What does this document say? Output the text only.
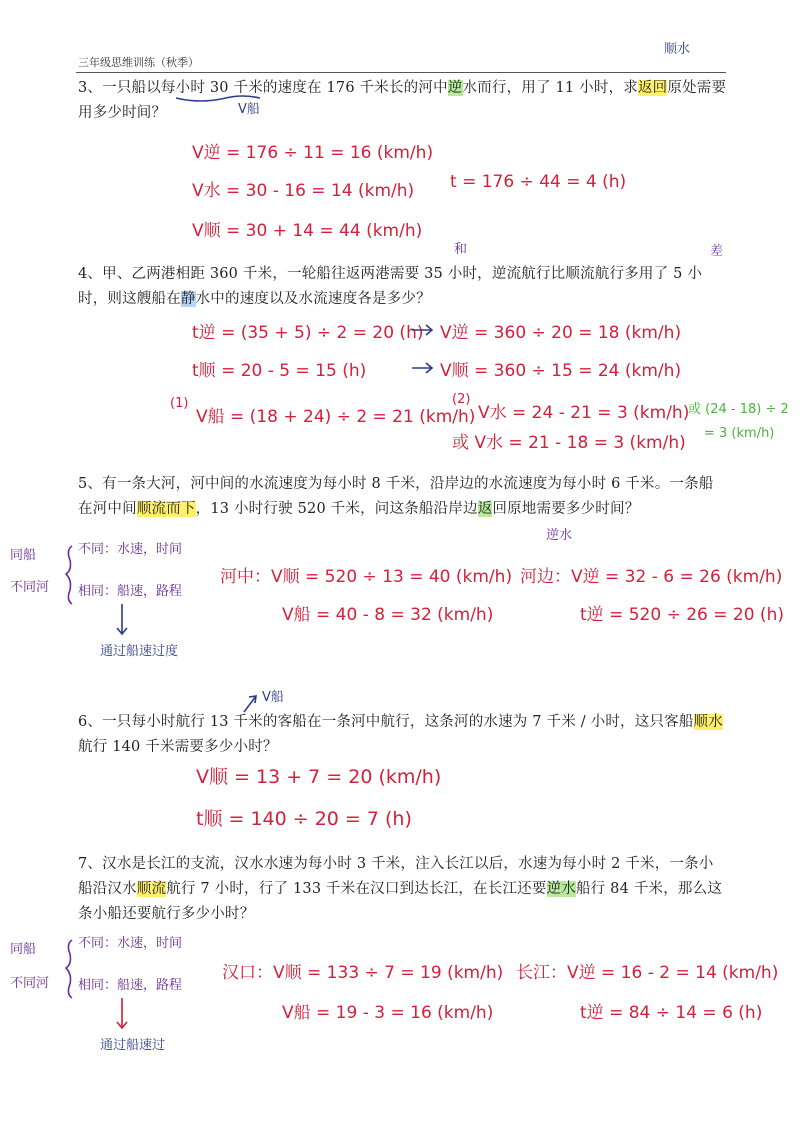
三年级思维训练（秋季）
顺水
3、一只船以每小时 30 千米的速度在 176 千米长的河中逆水而行，用了 11 小时，求返回原处需要用多少时间？	V船
V逆 = 176 ÷ 11 = 16 (km/h)
V水 = 30 - 16 = 14 (km/h)
V顺 = 30 + 14 = 44 (km/h)
t = 176 ÷ 44 = 4 (h)
和	差
4、甲、乙两港相距 360 千米，一轮船往返两港需要 35 小时，逆流航行比顺流航行多用了 5 小时，则这艘船在静水中的速度以及水流速度各是多少？
t逆 = (35 + 5) ÷ 2 = 20 (h) V逆 = 360 ÷ 20 = 18 (km/h)
t顺 = 20 - 5 = 15 (h)	V顺 = 360 ÷ 15 = 24 (km/h)
(1)
V船 = (18 + 24) ÷ 2 = 21 (km/h)
(2)
V水 = 24 - 21 = 3 (km/h)
或 V水 = 21 - 18 = 3 (km/h)
或 (24 - 18) ÷ 2
= 3 (km/h)
5、有一条大河，河中间的水流速度为每小时 8 千米，沿岸边的水流速度为每小时 6 千米。一条船在河中间顺流而下，13 小时行驶 520 千米，问这条船沿岸边返回原地需要多少时间？
同船
不同河
不同：水速，时间
相同：船速，路程
通过船速过度
逆水
河中：V顺 = 520 ÷ 13 = 40 (km/h)
V船 = 40 - 8 = 32 (km/h)
河边：V逆 = 32 - 6 = 26 (km/h)
t逆 = 520 ÷ 26 = 20 (h)
V船
6、一只每小时航行 13 千米的客船在一条河中航行，这条河的水速为 7 千米 / 小时，这只客船顺水航行 140 千米需要多少小时？
V顺 = 13 + 7 = 20 (km/h)
t顺 = 140 ÷ 20 = 7 (h)
7、汉水是长江的支流，汉水水速为每小时 3 千米，注入长江以后，水速为每小时 2 千米，一条小船沿汉水顺流航行 7 小时，行了 133 千米在汉口到达长江，在长江还要逆水船行 84 千米，那么这条小船还要航行多少小时？
同船
不同河
不同：水速，时间
相同：船速，路程
通过船速过
汉口：V顺 = 133 ÷ 7 = 19 (km/h)
V船 = 19 - 3 = 16 (km/h)
长江：V逆 = 16 - 2 = 14 (km/h)
t逆 = 84 ÷ 14 = 6 (h)
